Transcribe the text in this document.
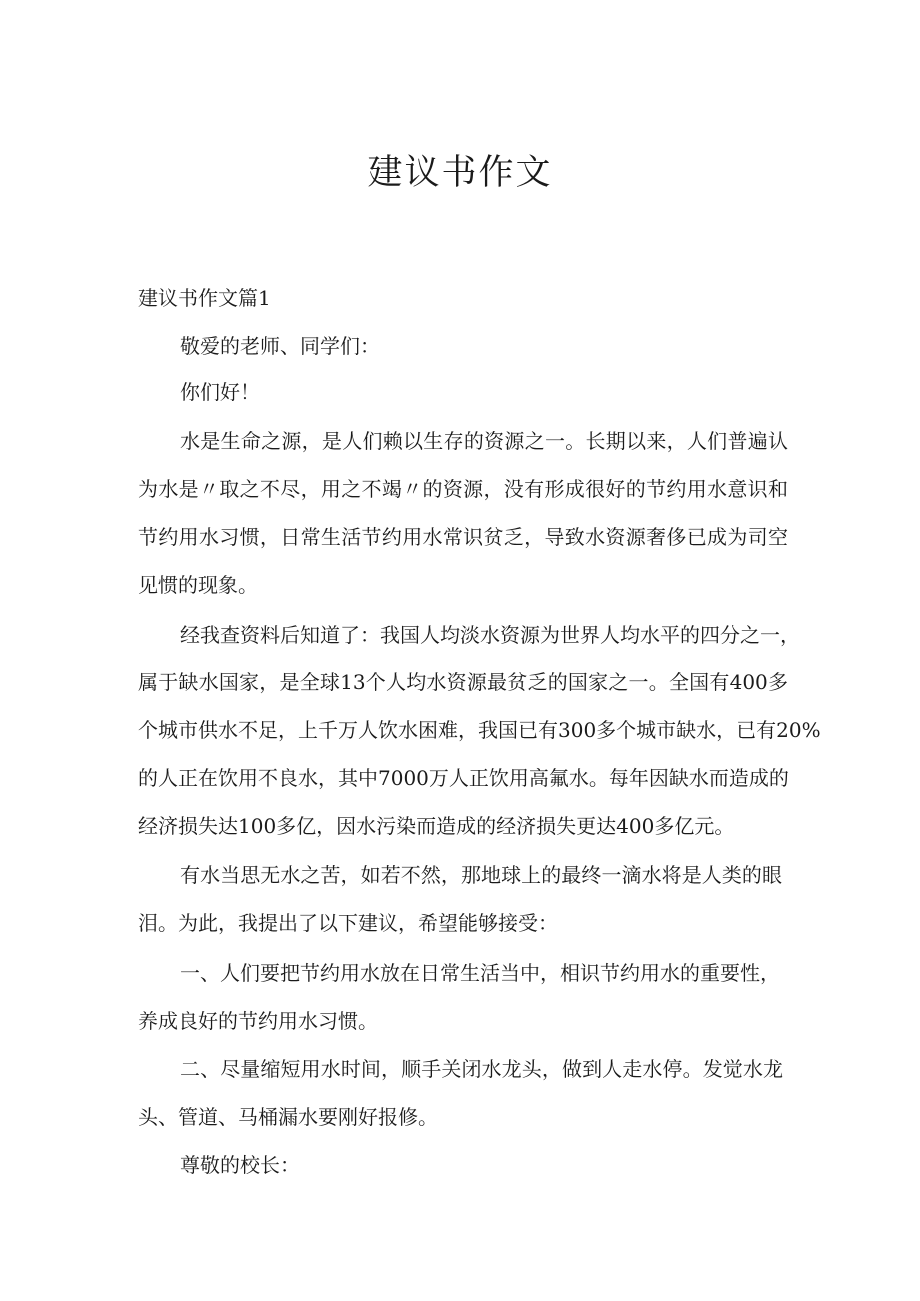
建议书作文

建议书作文篇1

敬爱的老师、同学们：

你们好！

水是生命之源，是人们赖以生存的资源之一。长期以来，人们普遍认

为水是〃取之不尽，用之不竭〃的资源，没有形成很好的节约用水意识和

节约用水习惯，日常生活节约用水常识贫乏，导致水资源奢侈已成为司空

见惯的现象。

经我查资料后知道了：我国人均淡水资源为世界人均水平的四分之一，

属于缺水国家，是全球13个人均水资源最贫乏的国家之一。全国有400多

个城市供水不足，上千万人饮水困难，我国已有300多个城市缺水，已有20%

的人正在饮用不良水，其中7000万人正饮用高氟水。每年因缺水而造成的

经济损失达100多亿，因水污染而造成的经济损失更达400多亿元。

有水当思无水之苦，如若不然，那地球上的最终一滴水将是人类的眼

泪。为此，我提出了以下建议，希望能够接受：

一、人们要把节约用水放在日常生活当中，相识节约用水的重要性，

养成良好的节约用水习惯。

二、尽量缩短用水时间，顺手关闭水龙头，做到人走水停。发觉水龙

头、管道、马桶漏水要刚好报修。

尊敬的校长：
